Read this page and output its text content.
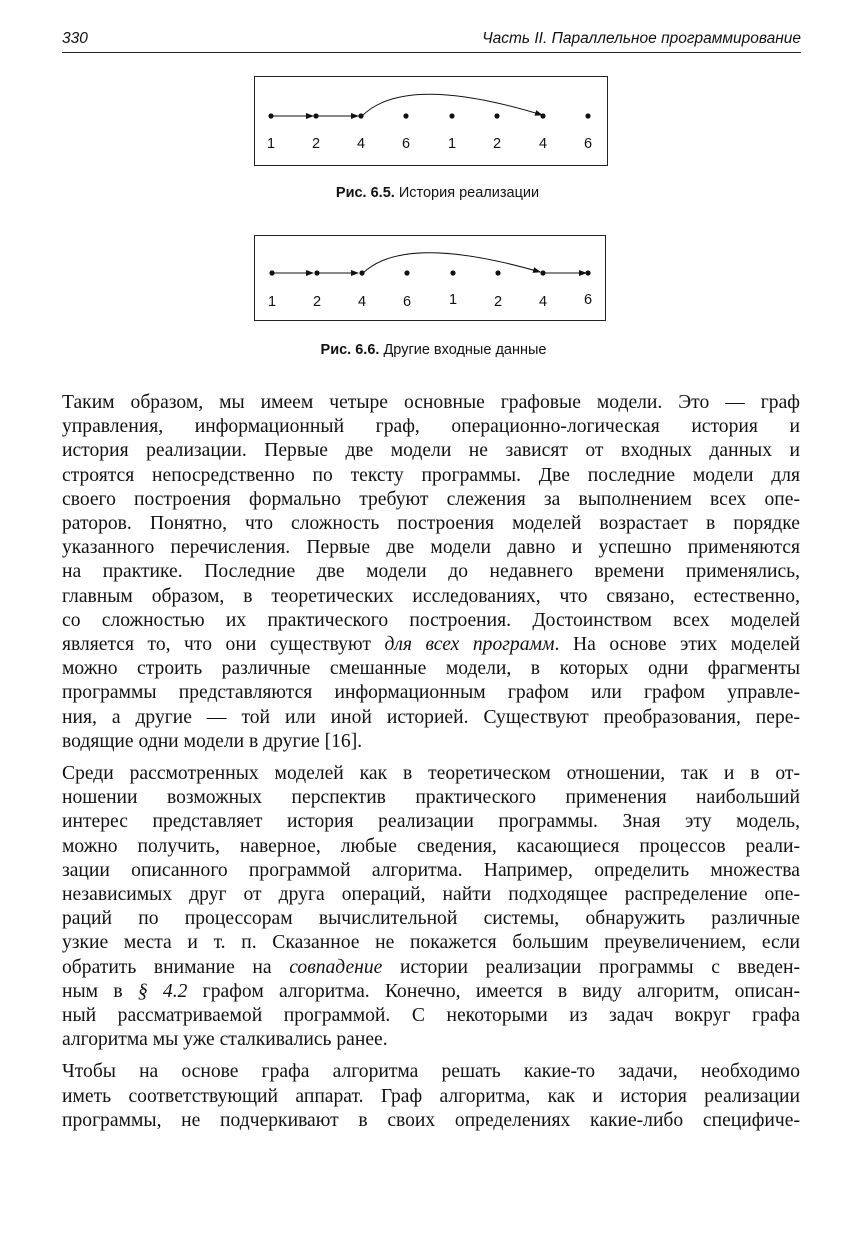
330	Часть II. Параллельное программирование
1	2	4	6	1	2	4	6
Рис. 6.5. История реализации
1	2	4	6	1	2	4	6
Рис. 6.6. Другие входные данные

Таким образом, мы имеем четыре основные графовые модели. Это — граф
управления, информационный граф, операционно-логическая история и
история реализации. Первые две модели не зависят от входных данных и
строятся непосредственно по тексту программы. Две последние модели для
своего построения формально требуют слежения за выполнением всех опе-
раторов. Понятно, что сложность построения моделей возрастает в порядке
указанного перечисления. Первые две модели давно и успешно применяются
на практике. Последние две модели до недавнего времени применялись,
главным образом, в теоретических исследованиях, что связано, естественно,
со сложностью их практического построения. Достоинством всех моделей
является то, что они существуют для всех программ. На основе этих моделей
можно строить различные смешанные модели, в которых одни фрагменты
программы представляются информационным графом или графом управле-
ния, а другие — той или иной историей. Существуют преобразования, пере-
водящие одни модели в другие [16].

Среди рассмотренных моделей как в теоретическом отношении, так и в от-
ношении возможных перспектив практического применения наибольший
интерес представляет история реализации программы. Зная эту модель,
можно получить, наверное, любые сведения, касающиеся процессов реали-
зации описанного программой алгоритма. Например, определить множества
независимых друг от друга операций, найти подходящее распределение опе-
раций по процессорам вычислительной системы, обнаружить различные
узкие места и т. п. Сказанное не покажется большим преувеличением, если
обратить внимание на совпадение истории реализации программы с введен-
ным в § 4.2 графом алгоритма. Конечно, имеется в виду алгоритм, описан-
ный рассматриваемой программой. С некоторыми из задач вокруг графа
алгоритма мы уже сталкивались ранее.

Чтобы на основе графа алгоритма решать какие-то задачи, необходимо
иметь соответствующий аппарат. Граф алгоритма, как и история реализации
программы, не подчеркивают в своих определениях какие-либо специфиче-
